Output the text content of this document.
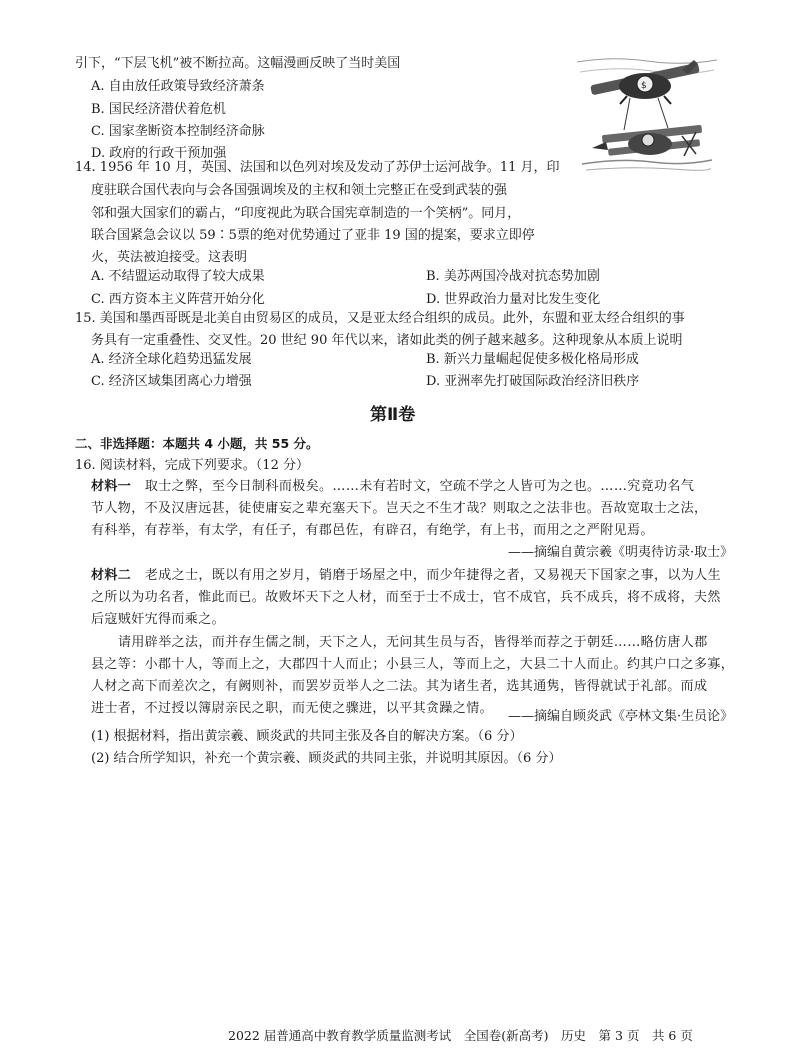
引下，“下层飞机”被不断拉高。这幅漫画反映了当时美国
A. 自由放任政策导致经济萧条
B. 国民经济潜伏着危机
C. 国家垄断资本控制经济命脉
D. 政府的行政干预加强
$
14. 1956 年 10 月，英国、法国和以色列对埃及发动了苏伊士运河战争。11 月，印
度驻联合国代表向与会各国强调埃及的主权和领土完整正在受到武装的强
邻和强大国家们的霸占，“印度视此为联合国宪章制造的一个笑柄”。同月，
联合国紧急会议以 59∶5票的绝对优势通过了亚非 19 国的提案，要求立即停
火，英法被迫接受。这表明
A. 不结盟运动取得了较大成果	B. 美苏两国冷战对抗态势加剧
C. 西方资本主义阵营开始分化	D. 世界政治力量对比发生变化
15. 美国和墨西哥既是北美自由贸易区的成员，又是亚太经合组织的成员。此外，东盟和亚太经合组织的事
务具有一定重叠性、交叉性。20 世纪 90 年代以来，诸如此类的例子越来越多。这种现象从本质上说明
A. 经济全球化趋势迅猛发展	B. 新兴力量崛起促使多极化格局形成
C. 经济区域集团离心力增强	D. 亚洲率先打破国际政治经济旧秩序
第Ⅱ卷
二、非选择题：本题共 4 小题，共 55 分。
16. 阅读材料，完成下列要求。（12 分）
材料一 取士之弊，至今日制科而极矣。……未有若时文，空疏不学之人皆可为之也。……究竟功名气
节人物，不及汉唐远甚，徒使庸妄之辈充塞天下。岂天之不生才哉？则取之之法非也。吾故宽取士之法，
有科举，有荐举，有太学，有任子，有郡邑佐，有辟召，有绝学，有上书，而用之之严附见焉。
——摘编自黄宗羲《明夷待访录·取士》
材料二 老成之士，既以有用之岁月，销磨于场屋之中，而少年捷得之者，又易视天下国家之事，以为人生
之所以为功名者，惟此而已。故败坏天下之人材，而至于士不成士，官不成官，兵不成兵，将不成将，夫然
后寇贼奸宄得而乘之。
请用辟举之法，而并存生儒之制，天下之人，无问其生员与否，皆得举而荐之于朝廷……略仿唐人郡
县之等：小郡十人，等而上之，大郡四十人而止；小县三人，等而上之，大县二十人而止。约其户口之多寡，
人材之高下而差次之，有阙则补，而罢岁贡举人之二法。其为诸生者，选其通隽，皆得就试于礼部。而成
进士者，不过授以簿尉亲民之职，而无使之骤进，以平其贪躁之情。
——摘编自顾炎武《亭林文集·生员论》
(1) 根据材料，指出黄宗羲、顾炎武的共同主张及各自的解决方案。（6 分）
(2) 结合所学知识，补充一个黄宗羲、顾炎武的共同主张，并说明其原因。（6 分）
2022 届普通高中教育教学质量监测考试　全国卷(新高考)　历史　第 3 页　共 6 页
